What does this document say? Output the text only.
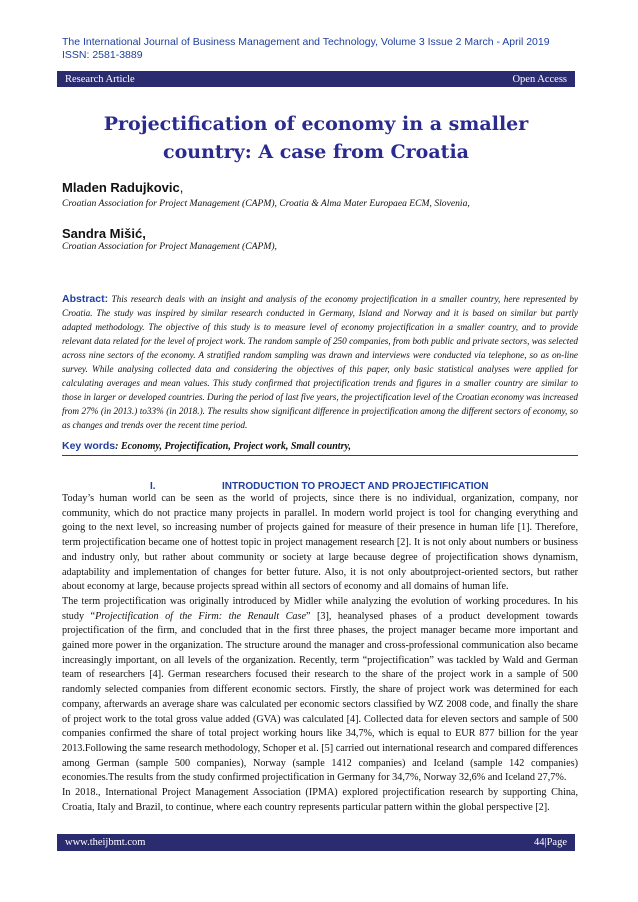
The International Journal of Business Management and Technology, Volume 3 Issue 2 March - April 2019
ISSN: 2581-3889
Research Article	Open Access
Projectification of economy in a smaller country: A case from Croatia
Mladen Radujkovic,
Croatian Association for Project Management (CAPM), Croatia & Alma Mater Europaea ECM, Slovenia,
Sandra Mišić,
Croatian Association for Project Management (CAPM),
Abstract: This research deals with an insight and analysis of the economy projectification in a smaller country, here represented by Croatia. The study was inspired by similar research conducted in Germany, Island and Norway and it is based on similar but partly adapted methodology. The objective of this study is to measure level of economy projectification in a smaller country, and to provide relevant data related for the level of project work. The random sample of 250 companies, from both public and private sectors, was selected across nine sectors of the economy. A stratified random sampling was drawn and interviews were conducted via telephone, so as on-line survey. While analysing collected data and considering the objectives of this paper, only basic statistical analyses were applied for calculating averages and mean values. This study confirmed that projectification trends and figures in a smaller country are similar to those in larger or developed countries. During the period of last five years, the projectification level of the Croatian economy was increased from 27% (in 2013.) to33% (in 2018.). The results show significant difference in projectification among the different sectors of economy, so as changes and trends over the recent time period.
Key words: Economy, Projectification, Project work, Small country,
I.	INTRODUCTION TO PROJECT AND PROJECTIFICATION

Today’s human world can be seen as the world of projects, since there is no individual, organization, company, nor community, which do not practice many projects in parallel. In modern world project is tool for changing everything and going to the next level, so increasing number of projects gained for measure of their presence in human life [1]. Therefore, term projectification became one of hottest topic in project management research [2]. It is not only about numbers or business and industry only, but rather about community or society at large because degree of projectification shows dynamism, adaptability and implementation of changes for better future. Also, it is not only aboutproject-oriented sectors, but rather about economy at large, because projects spread within all sectors of economy and all domains of human life.

The term projectification was originally introduced by Midler while analyzing the evolution of working procedures. In his study “Projectification of the Firm: the Renault Case” [3], heanalysed phases of a product development towards projectification of the firm, and concluded that in the first three phases, the project manager became more important and gained more power in the organization. The structure around the manager and cross-professional communication also became increasingly important, on all levels of the organization. Recently, term “projectification” was tackled by Wald and German team of researchers [4]. German researchers focused their research to the share of the project work in a sample of 500 randomly selected companies from different economic sectors. Firstly, the share of project work was determined for each company, afterwards an average share was calculated per economic sectors classified by WZ 2008 code, and finally the share of project work to the total gross value added (GVA) was calculated [4]. Collected data for eleven sectors and sample of 500 companies confirmed the share of total project working hours like 34,7%, which is equal to EUR 877 billion for the year 2013.Following the same research methodology, Schoper et al. [5] carried out international research and compared differences among German (sample 500 companies), Norway (sample 1412 companies) and Iceland (sample 142 companies) economies.The results from the study confirmed projectification in Germany for 34,7%, Norway 32,6% and Iceland 27,7%.

In 2018., International Project Management Association (IPMA) explored projectification research by supporting China, Croatia, Italy and Brazil, to continue, where each country represents particular pattern within the global perspective [2].

www.theijbmt.com	44|Page
